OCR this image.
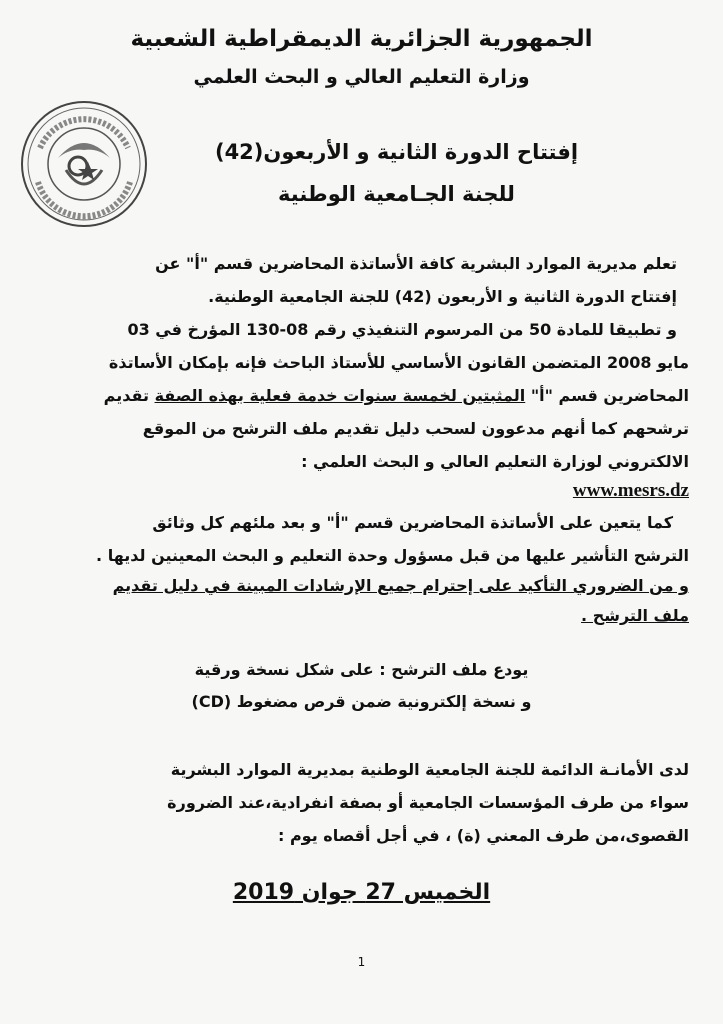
الجمهورية الجزائرية الديمقراطية الشعبية
وزارة التعليم العالي و البحث العلمي
إفتتاح الدورة الثانية و الأربعون(42)
للجنة الجـامعية الوطنية
تعلم مديرية الموارد البشرية كافة الأساتذة المحاضرين قسم "أ" عن
إفتتاح الدورة الثانية و الأربعون (42) للجنة الجامعية الوطنية.
و تطبيقا للمادة 50 من المرسوم التنفيذي رقم 08-130 المؤرخ في 03
مايو 2008 المتضمن القانون الأساسي للأستاذ الباحث فإنه بإمكان الأساتذة
المحاضرين قسم "أ" المثبتين لخمسة سنوات خدمة فعلية بهذه الصفة تقديم
ترشحهم كما أنهم مدعوون لسحب دليل تقديم ملف الترشح من الموقع
الالكتروني لوزارة التعليم العالي و البحث العلمي :
www.mesrs.dz
كما يتعين على الأساتذة المحاضرين قسم "أ" و بعد ملئهم كل وثائق
الترشح التأشير عليها من قبل مسؤول وحدة التعليم و البحث المعينين لديها .
و من الضروري التأكيد على إحترام جميع الإرشادات المبينة في دليل تقديم
ملف الترشح .
يودع ملف الترشح : على شكل نسخة ورقية
و نسخة إلكترونية ضمن قرص مضغوط (CD)
لدى الأمانـة الدائمة للجنة الجامعية الوطنية بمديرية الموارد البشرية
سواء من طرف المؤسسات الجامعية أو بصفة انفرادية،عند الضرورة
القصوى،من طرف المعني (ة) ، في أجل أقصاه يوم :
الخميس 27 جوان 2019
1
